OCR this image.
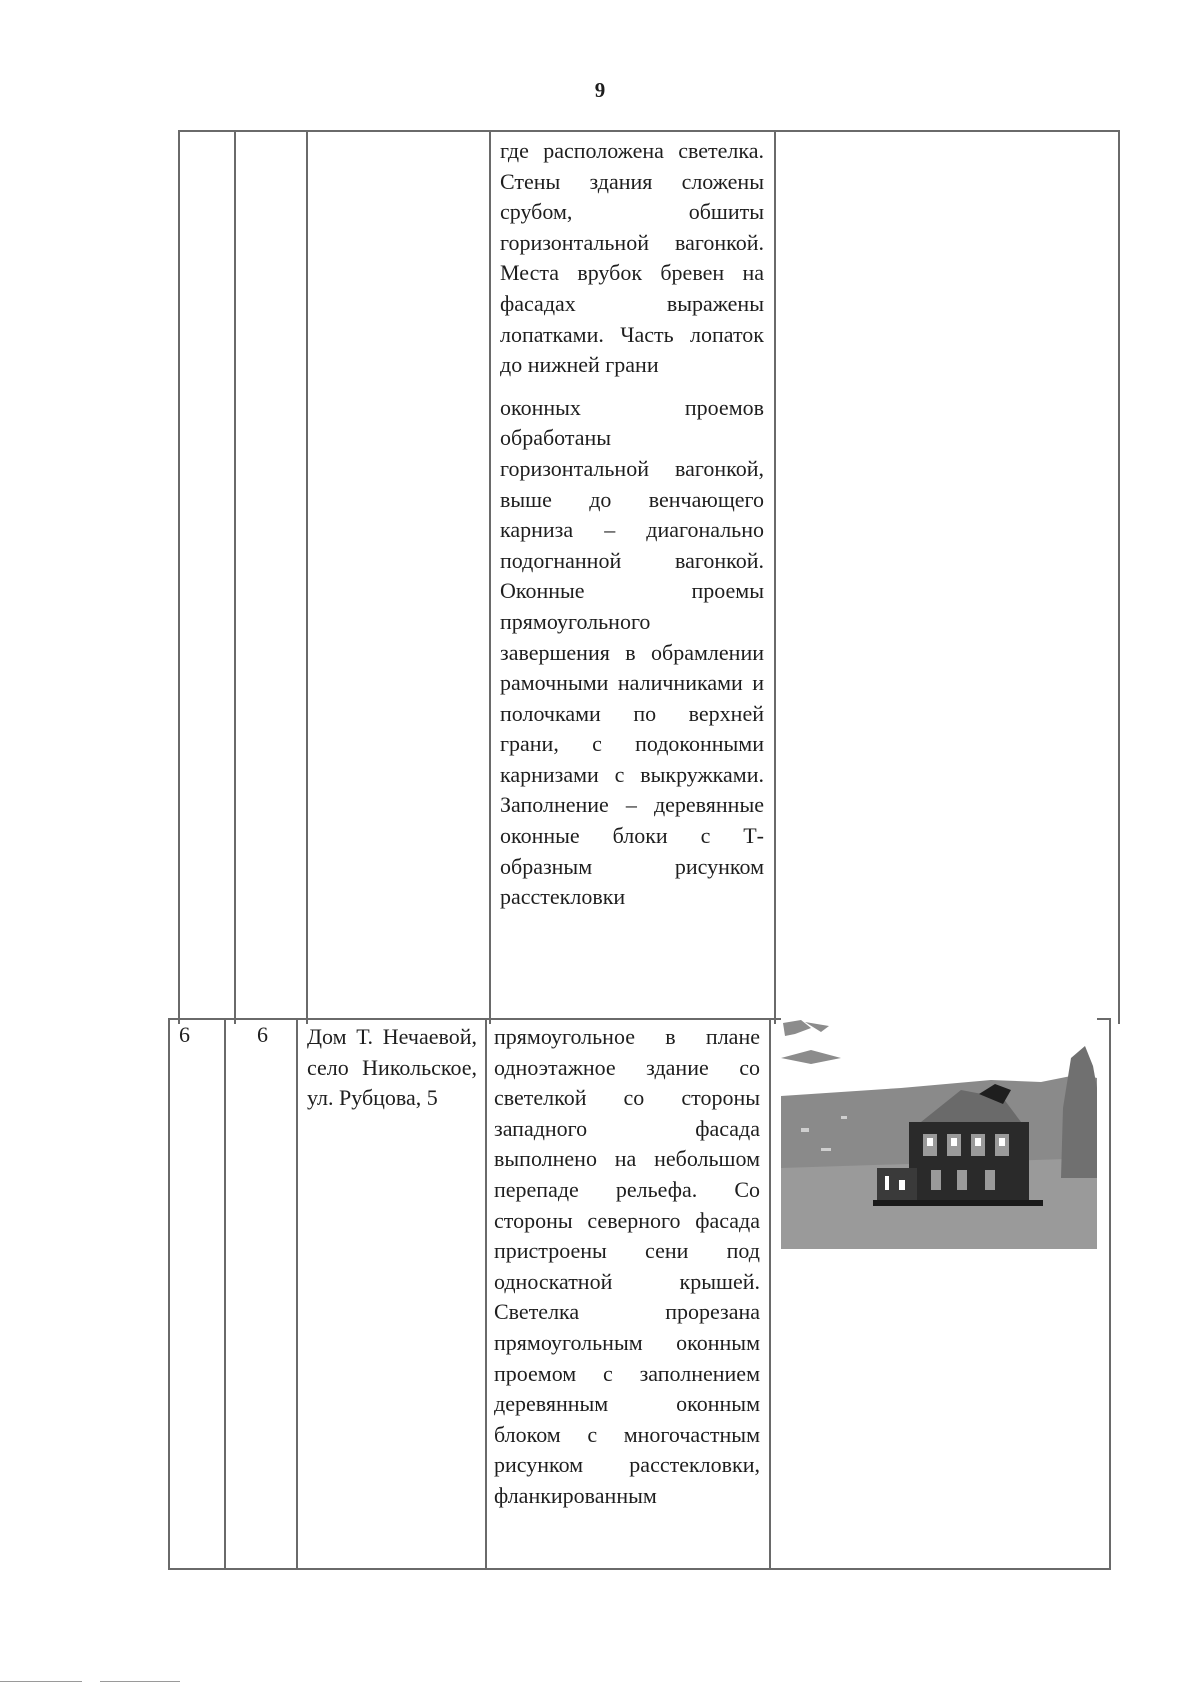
9

где расположена светелка. Стены здания сложены срубом, обшиты горизонтальной вагонкой. Места врубок бревен на фасадах выражены лопатками. Часть лопаток до нижней грани

оконных проемов обработаны горизонтальной вагонкой, выше до венчающего карниза – диагонально подогнанной вагонкой. Оконные проемы прямоугольного завершения в обрамлении рамочными наличниками и полочками по верхней грани, с подоконными карнизами с выкружками. Заполнение – деревянные оконные блоки с Т-образным рисунком расстекловки

6	6 Дом Т. Нечаевой, село Никольское, ул. Рубцова, 5

прямоугольное в плане одноэтажное здание со светелкой со стороны западного фасада выполнено на небольшом перепаде рельефа. Со стороны северного фасада пристроены сени под односкатной крышей. Светелка прорезана прямоугольным оконным проемом с заполнением деревянным оконным блоком с многочастным рисунком расстекловки, фланкированным
